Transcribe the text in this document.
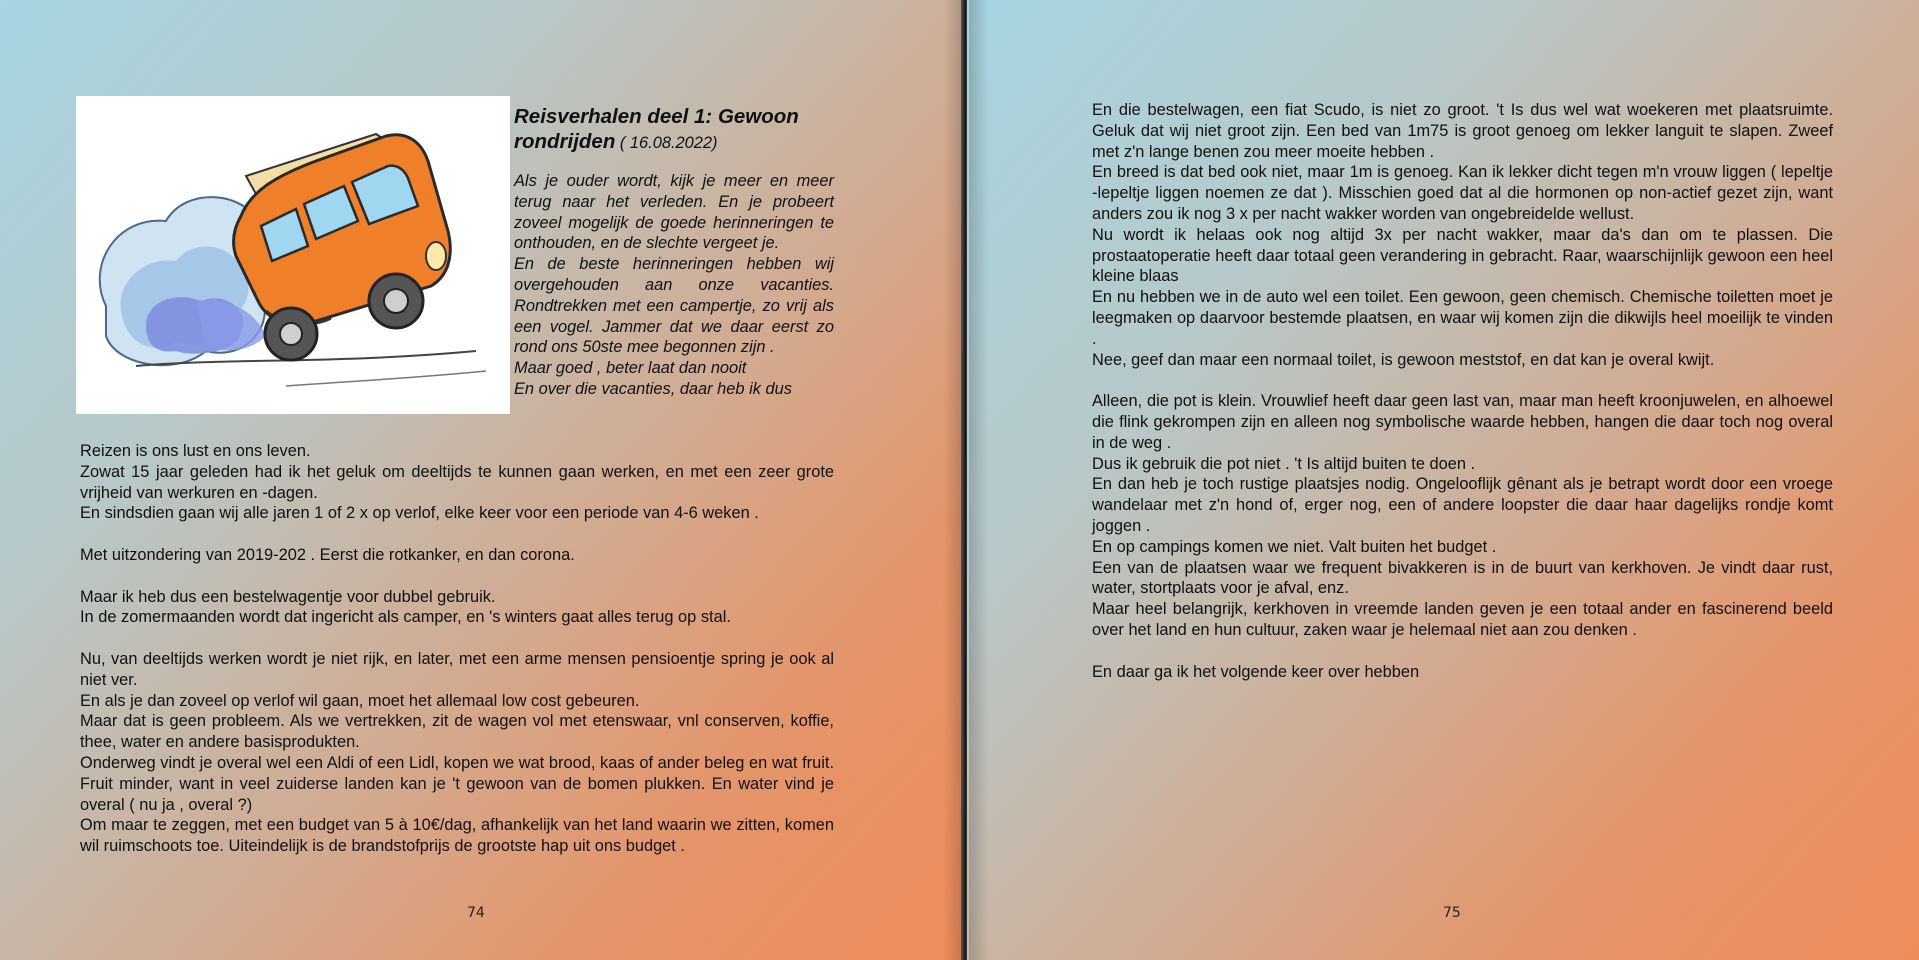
Reisverhalen deel 1: Gewoon rondrijden ( 16.08.2022)
Als je ouder wordt, kijk je meer en meer terug naar het verleden. En je probeert zoveel mogelijk de goede herinneringen te onthouden, en de slechte vergeet je.
En de beste herinneringen hebben wij overgehouden aan onze vacanties. Rondtrekken met een campertje, zo vrij als een vogel. Jammer dat we daar eerst zo rond ons 50ste mee begonnen zijn .
Maar goed , beter laat dan nooit
En over die vacanties, daar heb ik dus
Reizen is ons lust en ons leven.
Zowat 15 jaar geleden had ik het geluk om deeltijds te kunnen gaan werken, en met een zeer grote vrijheid van werkuren en -dagen.
En sindsdien gaan wij alle jaren 1 of 2 x op verlof, elke keer voor een periode van 4-6 weken .

Met uitzondering van 2019-202 . Eerst die rotkanker, en dan corona.

Maar ik heb dus een bestelwagentje voor dubbel gebruik.
In de zomermaanden wordt dat ingericht als camper, en 's winters gaat alles terug op stal.

Nu, van deeltijds werken wordt je niet rijk, en later, met een arme mensen pensioentje spring je ook al niet ver.
En als je dan zoveel op verlof wil gaan, moet het allemaal low cost gebeuren.
Maar dat is geen probleem. Als we vertrekken, zit de wagen vol met etenswaar, vnl conserven, koffie, thee, water en andere basisprodukten.
Onderweg vindt je overal wel een Aldi of een Lidl, kopen we wat brood, kaas of ander beleg en wat fruit. Fruit minder, want in veel zuiderse landen kan je 't gewoon van de bomen plukken. En water vind je overal ( nu ja , overal ?)
Om maar te zeggen, met een budget van 5 à 10€/dag, afhankelijk van het land waarin we zitten, komen wil ruimschoots toe. Uiteindelijk is de brandstofprijs de grootste hap uit ons budget .
74
En die bestelwagen, een fiat Scudo, is niet zo groot. 't Is dus wel wat woekeren met plaatsruimte. Geluk dat wij niet groot zijn. Een bed van 1m75 is groot genoeg om lekker languit te slapen. Zweef met z'n lange benen zou meer moeite hebben .
En breed is dat bed ook niet, maar 1m is genoeg. Kan ik lekker dicht tegen m'n vrouw liggen ( lepeltje -lepeltje liggen noemen ze dat ). Misschien goed dat al die hormonen op non-actief gezet zijn, want anders zou ik nog 3 x per nacht wakker worden van ongebreidelde wellust.
Nu wordt ik helaas ook nog altijd 3x per nacht wakker, maar da's dan om te plassen. Die prostaatoperatie heeft daar totaal geen verandering in gebracht. Raar, waarschijnlijk gewoon een heel kleine blaas
En nu hebben we in de auto wel een toilet. Een gewoon, geen chemisch. Chemische toiletten moet je leegmaken op daarvoor bestemde plaatsen, en waar wij komen zijn die dikwijls heel moeilijk te vinden .
Nee, geef dan maar een normaal toilet, is gewoon meststof, en dat kan je overal kwijt.

Alleen, die pot is klein. Vrouwlief heeft daar geen last van, maar man heeft kroonjuwelen, en alhoewel die flink gekrompen zijn en alleen nog symbolische waarde hebben, hangen die daar toch nog overal in de weg .
Dus ik gebruik die pot niet . 't Is altijd buiten te doen .
En dan heb je toch rustige plaatsjes nodig. Ongelooflijk gênant als je betrapt wordt door een vroege wandelaar met z'n hond of, erger nog, een of andere loopster die daar haar dagelijks rondje komt joggen .
En op campings komen we niet. Valt buiten het budget .
Een van de plaatsen waar we frequent bivakkeren is in de buurt van kerkhoven. Je vindt daar rust, water, stortplaats voor je afval, enz.
Maar heel belangrijk, kerkhoven in vreemde landen geven je een totaal ander en fascinerend beeld over het land en hun cultuur, zaken waar je helemaal niet aan zou denken .

En daar ga ik het volgende keer over hebben
75
